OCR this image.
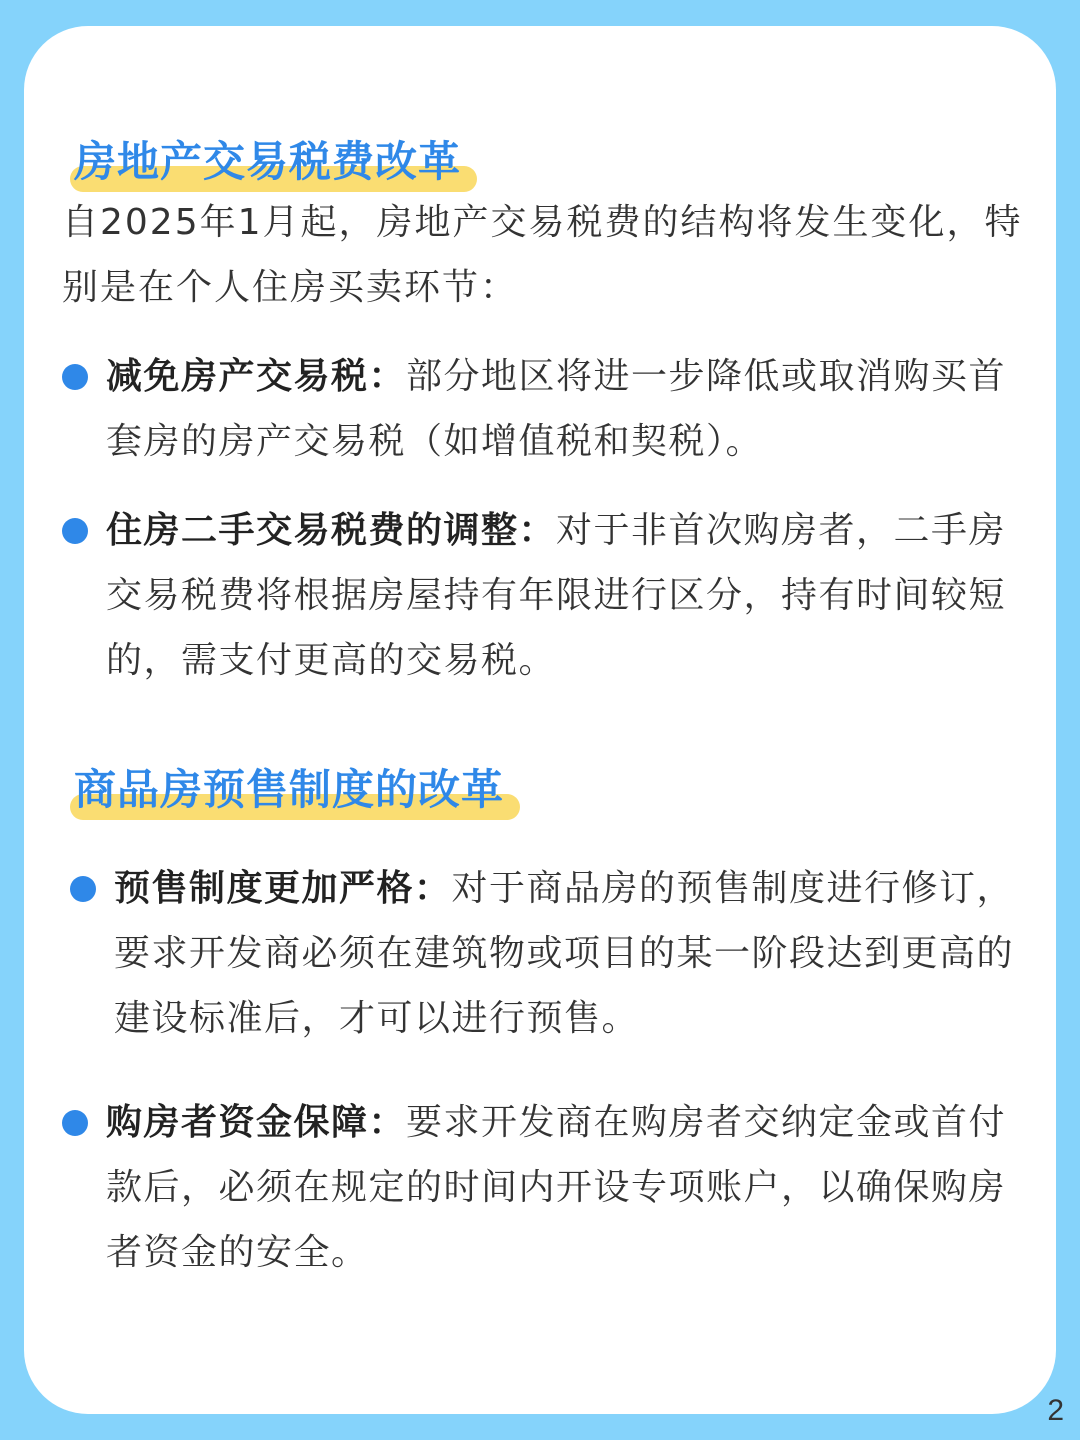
房地产交易税费改革

自2025年1月起，房地产交易税费的结构将发生变化，特别是在个人住房买卖环节：

减免房产交易税：部分地区将进一步降低或取消购买首套房的房产交易税（如增值税和契税）。
住房二手交易税费的调整：对于非首次购房者，二手房交易税费将根据房屋持有年限进行区分，持有时间较短的，需支付更高的交易税。
商品房预售制度的改革
预售制度更加严格：对于商品房的预售制度进行修订，要求开发商必须在建筑物或项目的某一阶段达到更高的建设标准后，才可以进行预售。
购房者资金保障：要求开发商在购房者交纳定金或首付款后，必须在规定的时间内开设专项账户，以确保购房者资金的安全。
2
